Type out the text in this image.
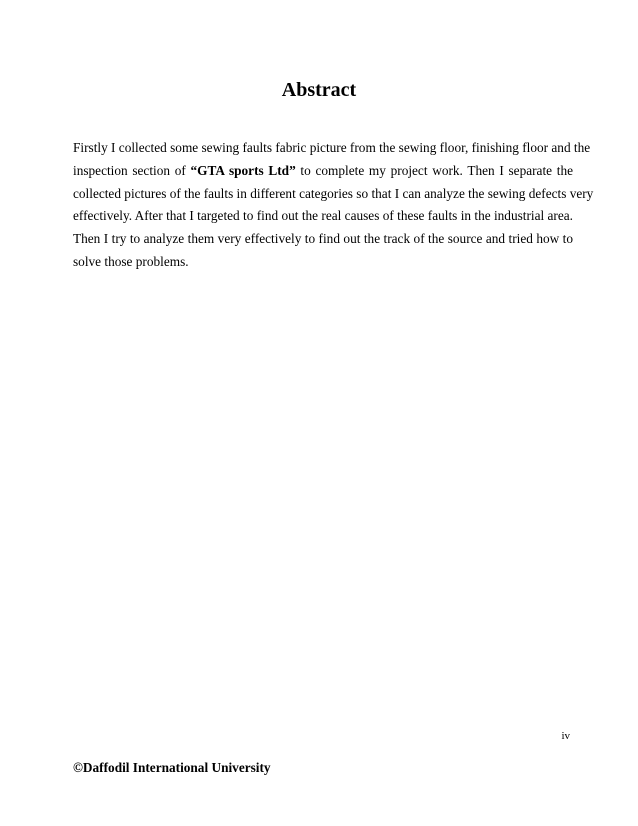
Abstract
Firstly I collected some sewing faults fabric picture from the sewing floor, finishing floor and the
inspection section of “GTA sports Ltd” to complete my project work. Then I separate the
collected pictures of the faults in different categories so that I can analyze the sewing defects very
effectively. After that I targeted to find out the real causes of these faults in the industrial area.
Then I try to analyze them very effectively to find out the track of the source and tried how to
solve those problems.
iv
©Daffodil International University
